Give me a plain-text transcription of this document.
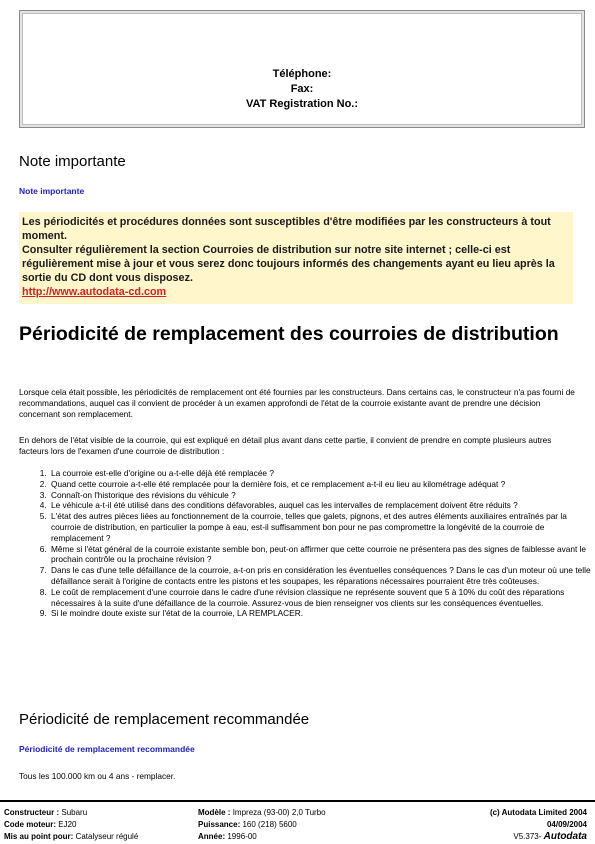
Téléphone:
Fax:
VAT Registration No.:
Note importante

Note importante

Les périodicités et procédures données sont susceptibles d'être modifiées par les constructeurs à tout moment.

Consulter régulièrement la section Courroies de distribution sur notre site internet ; celle-ci est régulièrement mise à jour et vous serez donc toujours informés des changements ayant eu lieu après la sortie du CD dont vous disposez.

http://www.autodata-cd.com

Périodicité de remplacement des courroies de distribution

Lorsque cela était possible, les périodicités de remplacement ont été fournies par les constructeurs. Dans certains cas, le constructeur n'a pas fourni de recommandations, auquel cas il convient de procéder à un examen approfondi de l'état de la courroie existante avant de prendre une décision concernant son remplacement.

En dehors de l'état visible de la courroie, qui est expliqué en détail plus avant dans cette partie, il convient de prendre en compte plusieurs autres facteurs lors de l'examen d'une courroie de distribution :

1. La courroie est-elle d'origine ou a-t-elle déjà été remplacée ?
2. Quand cette courroie a-t-elle été remplacée pour la dernière fois, et ce remplacement a-t-il eu lieu au kilométrage adéquat ?
3. Connaît-on l'historique des révisions du véhicule ?
4. Le véhicule a-t-il été utilisé dans des conditions défavorables, auquel cas les intervalles de remplacement doivent être réduits ?
5. L'état des autres pièces liées au fonctionnement de la courroie, telles que galets, pignons, et des autres éléments auxiliaires entraînés par la courroie de distribution, en particulier la pompe à eau, est-il suffisamment bon pour ne pas compromettre la longévité de la courroie de remplacement ?
6. Même si l'état général de la courroie existante semble bon, peut-on affirmer que cette courroie ne présentera pas des signes de faiblesse avant le prochain contrôle ou la prochaine révision ?
7. Dans le cas d'une telle défaillance de la courroie, a-t-on pris en considération les éventuelles conséquences ? Dans le cas d'un moteur où une telle défaillance serait à l'origine de contacts entre les pistons et les soupapes, les réparations nécessaires pourraient être très coûteuses.
8. Le coût de remplacement d'une courroie dans le cadre d'une révision classique ne représente souvent que 5 à 10% du coût des réparations nécessaires à la suite d'une défaillance de la courroie. Assurez-vous de bien renseigner vos clients sur les conséquences éventuelles.
9. Si le moindre doute existe sur l'état de la courroie, LA REMPLACER.
Périodicité de remplacement recommandée

Périodicité de remplacement recommandée

Tous les 100.000 km ou 4 ans - remplacer.

Constructeur : Subaru
Code moteur: EJ20
Mis au point pour: Catalyseur régulé
Modèle : Impreza (93-00) 2,0 Turbo
Puissance: 160 (218) 5600
Année: 1996-00
(c) Autodata Limited 2004
04/09/2004
V5.373- Autodata
